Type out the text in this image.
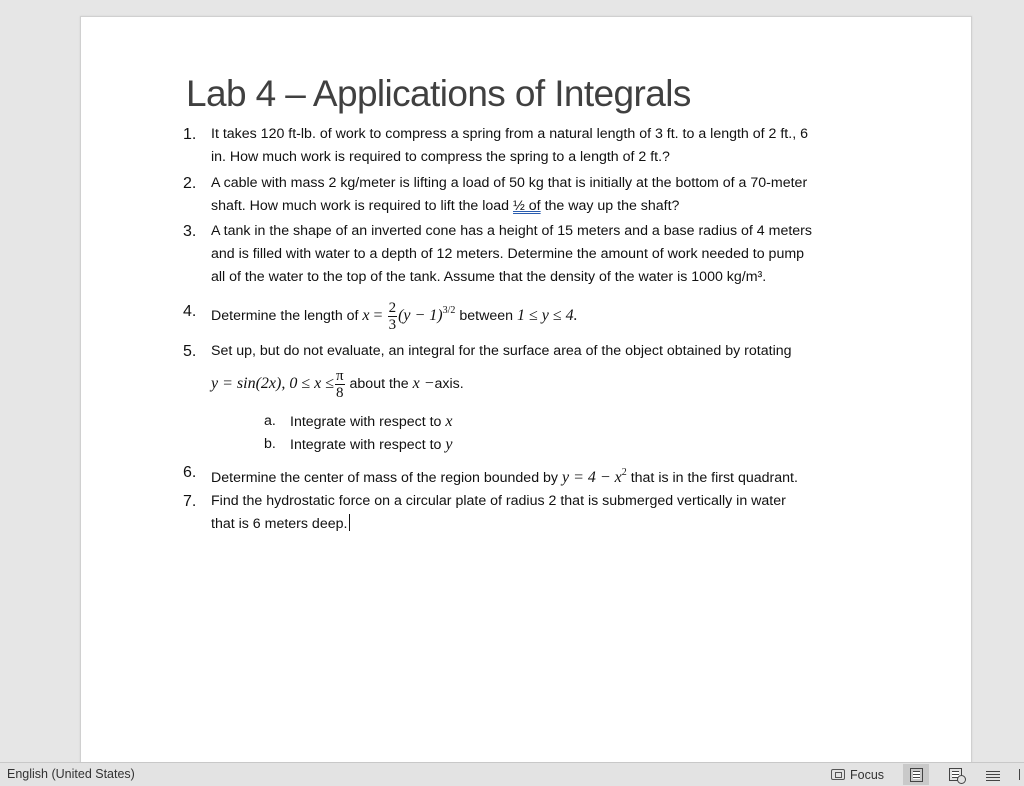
Lab 4 – Applications of Integrals
1. It takes 120 ft-lb. of work to compress a spring from a natural length of 3 ft. to a length of 2 ft., 6

in. How much work is required to compress the spring to a length of 2 ft.?

2. A cable with mass 2 kg/meter is lifting a load of 50 kg that is initially at the bottom of a 70-meter

shaft. How much work is required to lift the load ½ of the way up the shaft?

3. A tank in the shape of an inverted cone has a height of 15 meters and a base radius of 4 meters

and is filled with water to a depth of 12 meters. Determine the amount of work needed to pump

all of the water to the top of the tank. Assume that the density of the water is 1000 kg/m³.

4. Determine the length of $x = \frac{2}{3} (y - 1)^{3/2}$ between 1 ≤ y ≤ 4.

5. Set up, but do not evaluate, an integral for the surface area of the object obtained by rotating

y = sin(2x), $0 \le x \le \frac{\pi}{8}$ about the x −axis.

a. Integrate with respect to x
b. Integrate with respect to y
6. Determine the center of mass of the region bounded by $y = 4 - x^2$ that is in the first quadrant.

7. Find the hydrostatic force on a circular plate of radius 2 that is submerged vertically in water

that is 6 meters deep.

English (United States)	Focus
